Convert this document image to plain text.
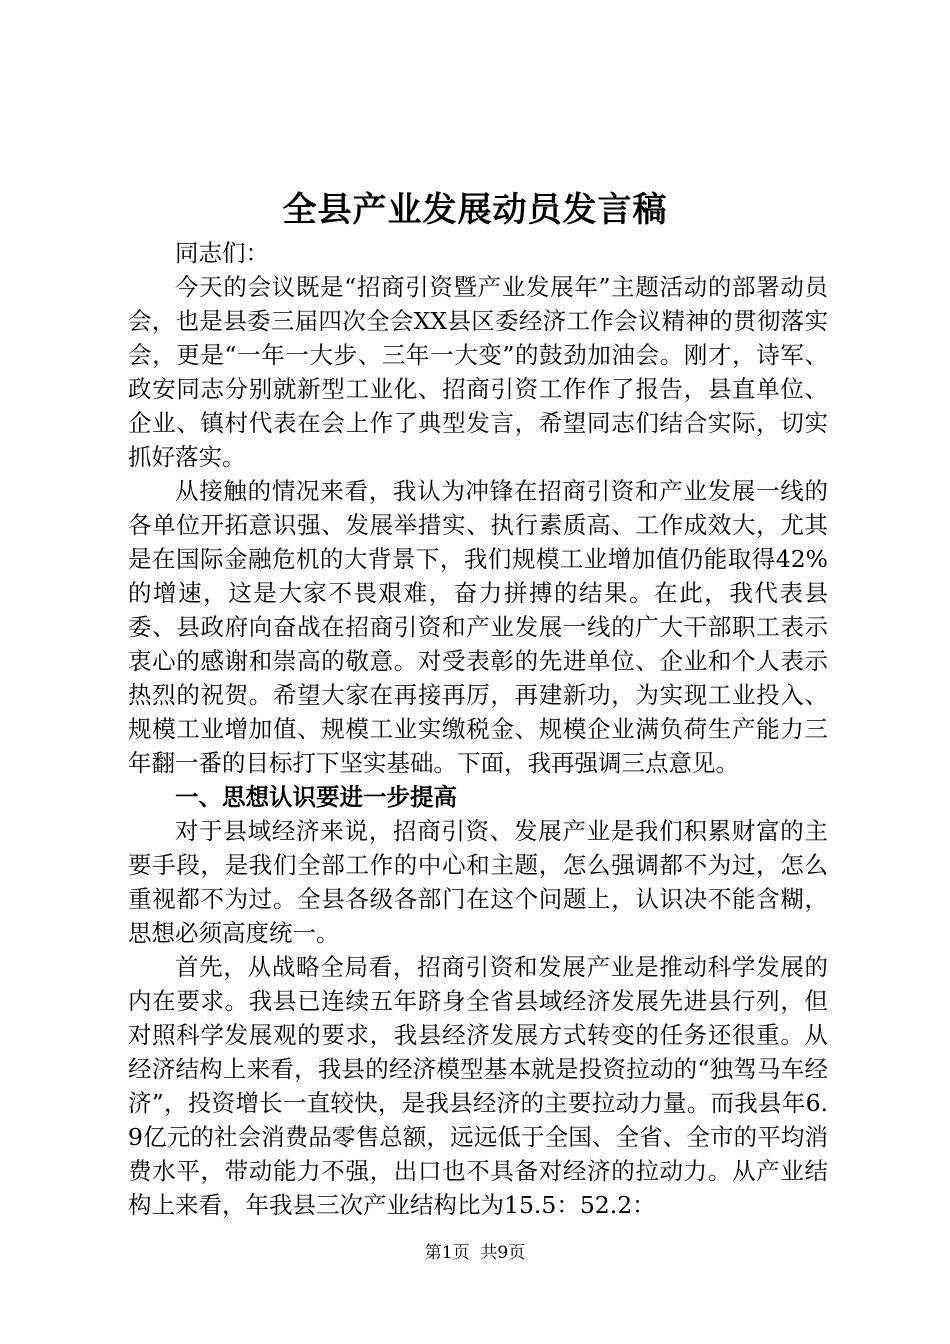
全县产业发展动员发言稿

同志们：

今天的会议既是“招商引资暨产业发展年”主题活动的部署动员会，也是县委三届四次全会XX县区委经济工作会议精神的贯彻落实会，更是“一年一大步、三年一大变”的鼓劲加油会。刚才，诗军、政安同志分别就新型工业化、招商引资工作作了报告，县直单位、企业、镇村代表在会上作了典型发言，希望同志们结合实际，切实抓好落实。

从接触的情况来看，我认为冲锋在招商引资和产业发展一线的各单位开拓意识强、发展举措实、执行素质高、工作成效大，尤其是在国际金融危机的大背景下，我们规模工业增加值仍能取得42%的增速，这是大家不畏艰难，奋力拼搏的结果。在此，我代表县委、县政府向奋战在招商引资和产业发展一线的广大干部职工表示衷心的感谢和崇高的敬意。对受表彰的先进单位、企业和个人表示热烈的祝贺。希望大家在再接再厉，再建新功，为实现工业投入、规模工业增加值、规模工业实缴税金、规模企业满负荷生产能力三年翻一番的目标打下坚实基础。下面，我再强调三点意见。

一、思想认识要进一步提高

对于县域经济来说，招商引资、发展产业是我们积累财富的主要手段，是我们全部工作的中心和主题，怎么强调都不为过，怎么重视都不为过。全县各级各部门在这个问题上，认识决不能含糊，思想必须高度统一。

首先，从战略全局看，招商引资和发展产业是推动科学发展的内在要求。我县已连续五年跻身全省县域经济发展先进县行列，但对照科学发展观的要求，我县经济发展方式转变的任务还很重。从经济结构上来看，我县的经济模型基本就是投资拉动的“独驾马车经济”，投资增长一直较快，是我县经济的主要拉动力量。而我县年6.9亿元的社会消费品零售总额，远远低于全国、全省、全市的平均消费水平，带动能力不强，出口也不具备对经济的拉动力。从产业结构上来看，年我县三次产业结构比为15.5：52.2：

第1页 共9页
